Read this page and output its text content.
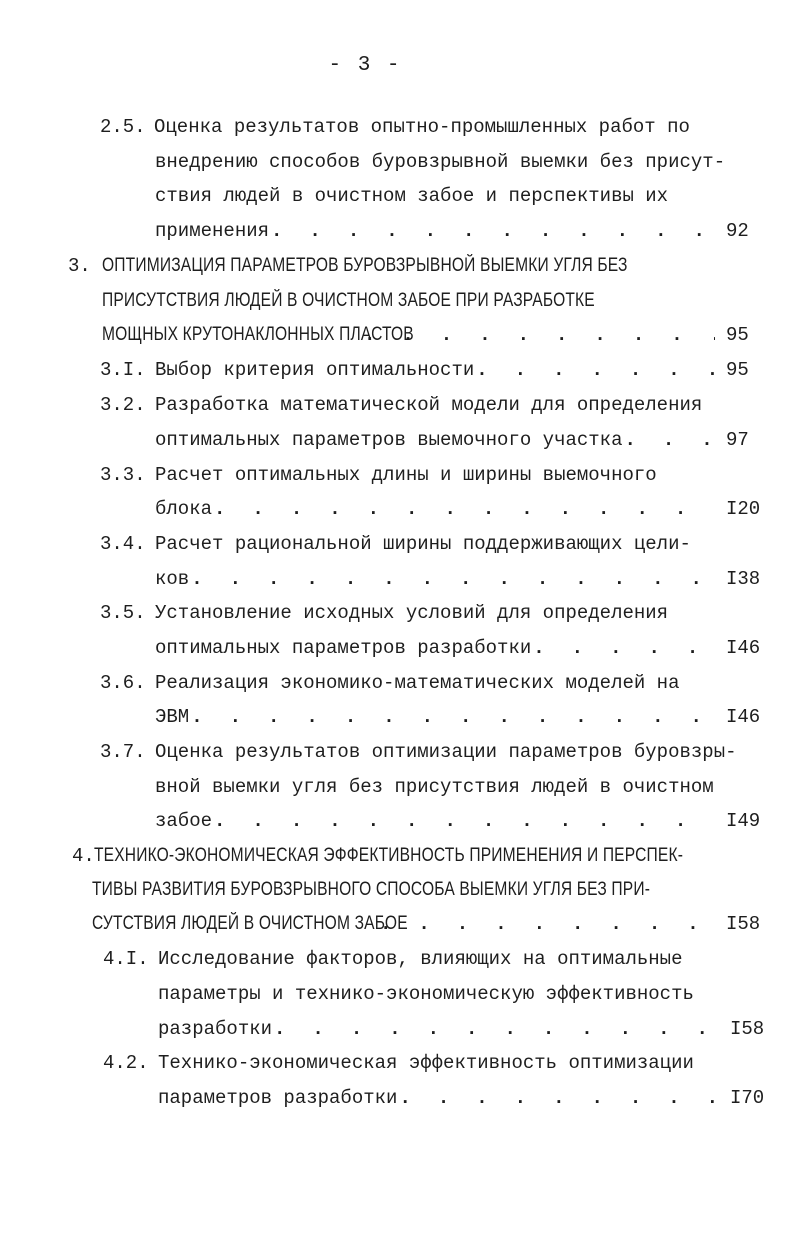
- 3 -
2.5. Оценка результатов опытно-промышленных работ по
внедрению способов буровзрывной выемки без присут-
ствия людей в очистном забое и перспективы их
применения . . .	92
3. ОПТИМИЗАЦИЯ ПАРАМЕТРОВ БУРОВЗРЫВНОЙ ВЫЕМКИ УГЛЯ БЕЗ
ПРИСУТСТВИЯ ЛЮДЕЙ В ОЧИСТНОМ ЗАБОЕ ПРИ РАЗРАБОТКЕ
МОЩНЫХ КРУТОНАКЛОННЫХ ПЛАСТОВ . . .	95
3.I. Выбор критерия оптимальности . . .	95
3.2. Разработка математической модели для определения
оптимальных параметров выемочного участка . . .	97
3.3. Расчет оптимальных длины и ширины выемочного
блока . . .	I20
3.4. Расчет рациональной ширины поддерживающих цели-
ков . . .	I38
3.5. Установление исходных условий для определения
оптимальных параметров разработки . . .	I46
3.6. Реализация экономико-математических моделей на
ЭВМ . . .	I46
3.7. Оценка результатов оптимизации параметров буровзры-
вной выемки угля без присутствия людей в очистном
забое . . .	I49
4.ТЕХНИКО-ЭКОНОМИЧЕСКАЯ ЭФФЕКТИВНОСТЬ ПРИМЕНЕНИЯ И ПЕРСПЕК-
ТИВЫ РАЗВИТИЯ БУРОВЗРЫВНОГО СПОСОБА ВЫЕМКИ УГЛЯ БЕЗ ПРИ-
СУТСТВИЯ ЛЮДЕЙ В ОЧИСТНОМ ЗАБОЕ . . .	I58
4.I. Исследование факторов, влияющих на оптимальные
параметры и технико-экономическую эффективность
разработки . . .	I58
4.2. Технико-экономическая эффективность оптимизации
параметров разработки . . .	I70
